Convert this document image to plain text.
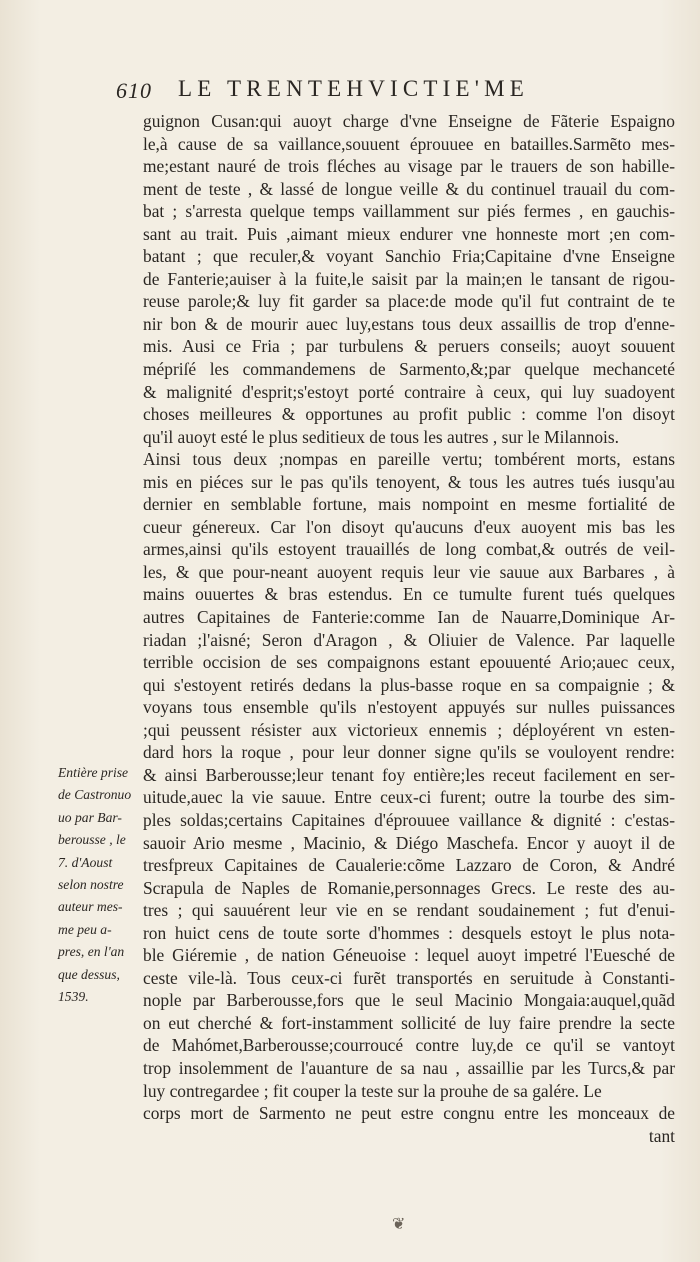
610 LE TRENTEHVICTIE'ME
guignon Cusan:qui auoyt charge d'vne Enseigne de Fãterie Espaigno
le,à cause de sa vaillance,souuent éprouuee en batailles.Sarmẽto mes-
me;estant nauré de trois fléches au visage par le trauers de son habille-
ment de teste , & lassé de longue veille & du continuel trauail du com-
bat ; s'arresta quelque temps vaillamment sur piés fermes , en gauchis-
sant au trait. Puis ,aimant mieux endurer vne honneste mort ;en com-
batant ; que reculer,& voyant Sanchio Fria;Capitaine d'vne Enseigne
de Fanterie;auiser à la fuite,le saisit par la main;en le tansant de rigou-
reuse parole;& luy fit garder sa place:de mode qu'il fut contraint de te
nir bon & de mourir auec luy,estans tous deux assaillis de trop d'enne-
mis. Ausi ce Fria ; par turbulens & peruers conseils; auoyt souuent
mépriſé les commandemens de Sarmento,&;par quelque mechanceté
& malignité d'esprit;s'estoyt porté contraire à ceux, qui luy suadoyent
choses meilleures & opportunes au profit public : comme l'on disoyt
qu'il auoyt esté le plus seditieux de tous les autres , sur le Milannois.
Ainsi tous deux ;nompas en pareille vertu; tombérent morts, estans
mis en piéces sur le pas qu'ils tenoyent, & tous les autres tués iusqu'au
dernier en semblable fortune, mais nompoint en mesme fortialité de
cueur génereux. Car l'on disoyt qu'aucuns d'eux auoyent mis bas les
armes,ainsi qu'ils estoyent trauaillés de long combat,& outrés de veil-
les, & que pour-neant auoyent requis leur vie sauue aux Barbares , à
mains ouuertes & bras estendus. En ce tumulte furent tués quelques
autres Capitaines de Fanterie:comme Ian de Nauarre,Dominique Ar-
riadan ;l'aisné; Seron d'Aragon , & Oliuier de Valence. Par laquelle
terrible occision de ses compaignons estant epouuenté Ario;auec ceux,
qui s'estoyent retirés dedans la plus-basse roque en sa compaignie ; &
voyans tous ensemble qu'ils n'estoyent appuyés sur nulles puissances
;qui peussent résister aux victorieux ennemis ; déployérent vn esten-
dard hors la roque , pour leur donner signe qu'ils se vouloyent rendre:
& ainsi Barberousse;leur tenant foy entière;les receut facilement en ser-
uitude,auec la vie sauue. Entre ceux-ci furent; outre la tourbe des sim-
ples soldas;certains Capitaines d'éprouuee vaillance & dignité : c'estas-
sauoir Ario mesme , Macinio, & Diégo Maschefa. Encor y auoyt il de
tresfpreux Capitaines de Caualerie:cõme Lazzaro de Coron, & André
Scrapula de Naples de Romanie,personnages Grecs. Le reste des au-
tres ; qui sauuérent leur vie en se rendant soudainement ; fut d'enui-
ron huict cens de toute sorte d'hommes : desquels estoyt le plus nota-
ble Giéremie , de nation Géneuoise : lequel auoyt impetré l'Euesché de
ceste vile-là. Tous ceux-ci furẽt transportés en seruitude à Constanti-
nople par Barberousse,fors que le seul Macinio Mongaia:auquel,quãd
on eut cherché & fort-instamment sollicité de luy faire prendre la secte
de Mahómet,Barberousse;courroucé contre luy,de ce qu'il se vantoyt
trop insolemment de l'auanture de sa nau , assaillie par les Turcs,& par
luy contregardee ; fit couper la teste sur la prouhe de sa galére. Le
corps mort de Sarmento ne peut estre congnu entre les monceaux de
tant
Entière prise
de Castronuo
uo par Bar-
berousse , le
7. d'Aoust
selon nostre
auteur mes-
me peu a-
pres, en l'an
que dessus,
1539.
❦
